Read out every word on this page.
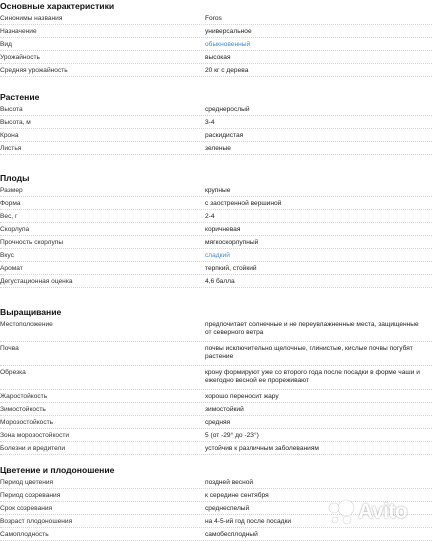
Основные характеристики
Синонимы названия	Foros
Назначение	универсальное
Вид	обыкновенный
Урожайность	высокая
Средняя урожайность	20 кг с дерева
Растение
Высота	среднерослый
Высота, м	3-4
Крона	раскидистая
Листья	зеленые
Плоды
Размер	крупные
Форма	с заостренной вершиной
Вес, г	2-4
Скорлупа	коричневая
Прочность скорлупы	мягкоскорлупный
Вкус	сладкий
Аромат	терпкий, стойкий
Дегустационная оценка	4,6 балла
Выращивание
Местоположение	предпочитает солнечные и не переувлажненные места, защищенные от северного ветра
Почва	почвы исключительно щелочные, глинистые, кислые почвы погубят растение
Обрезка	крону формируют уже со второго года после посадки в форме чаши и ежегодно весной ее прореживают
Жаростойкость	хорошо переносит жару
Зимостойкость	зимостойкий
Морозостойкость	средняя
Зона морозостойкости	5 (от -29° до -23°)
Болезни и вредители	устойчив к различным заболеваниям
Цветение и плодоношение
Период цветения	поздней весной
Период созревания	к середине сентября
Срок созревания	среднеспелый
Возраст плодоношения	на 4-5-ий год после посадки
Самоплодность	самобесплодный
Avito
